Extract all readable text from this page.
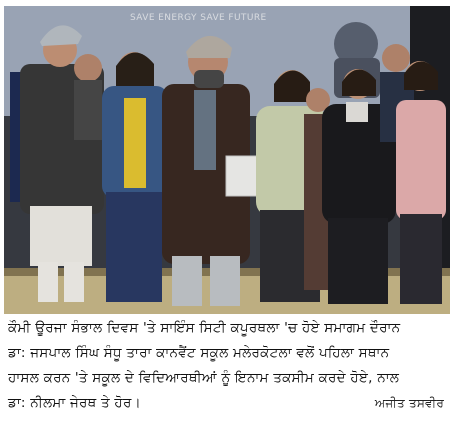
SAVE ENERGY SAVE FUTURE
ਕੌਮੀ ਊਰਜਾ ਸੰਭਾਲ ਦਿਵਸ 'ਤੇ ਸਾਇੰਸ ਸਿਟੀ ਕਪੂਰਥਲਾ 'ਚ ਹੋਏ ਸਮਾਗਮ ਦੌਰਾਨ
ਡਾ: ਜਸਪਾਲ ਸਿੰਘ ਸੰਧੂ ਤਾਰਾ ਕਾਨਵੈਂਟ ਸਕੂਲ ਮਲੇਰਕੋਟਲਾ ਵਲੋਂ ਪਹਿਲਾ ਸਥਾਨ
ਹਾਸਲ ਕਰਨ 'ਤੇ ਸਕੂਲ ਦੇ ਵਿਦਿਆਰਥੀਆਂ ਨੂੰ ਇਨਾਮ ਤਕਸੀਮ ਕਰਦੇ ਹੋਏ, ਨਾਲ
ਡਾ: ਨੀਲਮਾ ਜੇਰਥ ਤੇ ਹੋਰ।	ਅਜੀਤ ਤਸਵੀਰ
